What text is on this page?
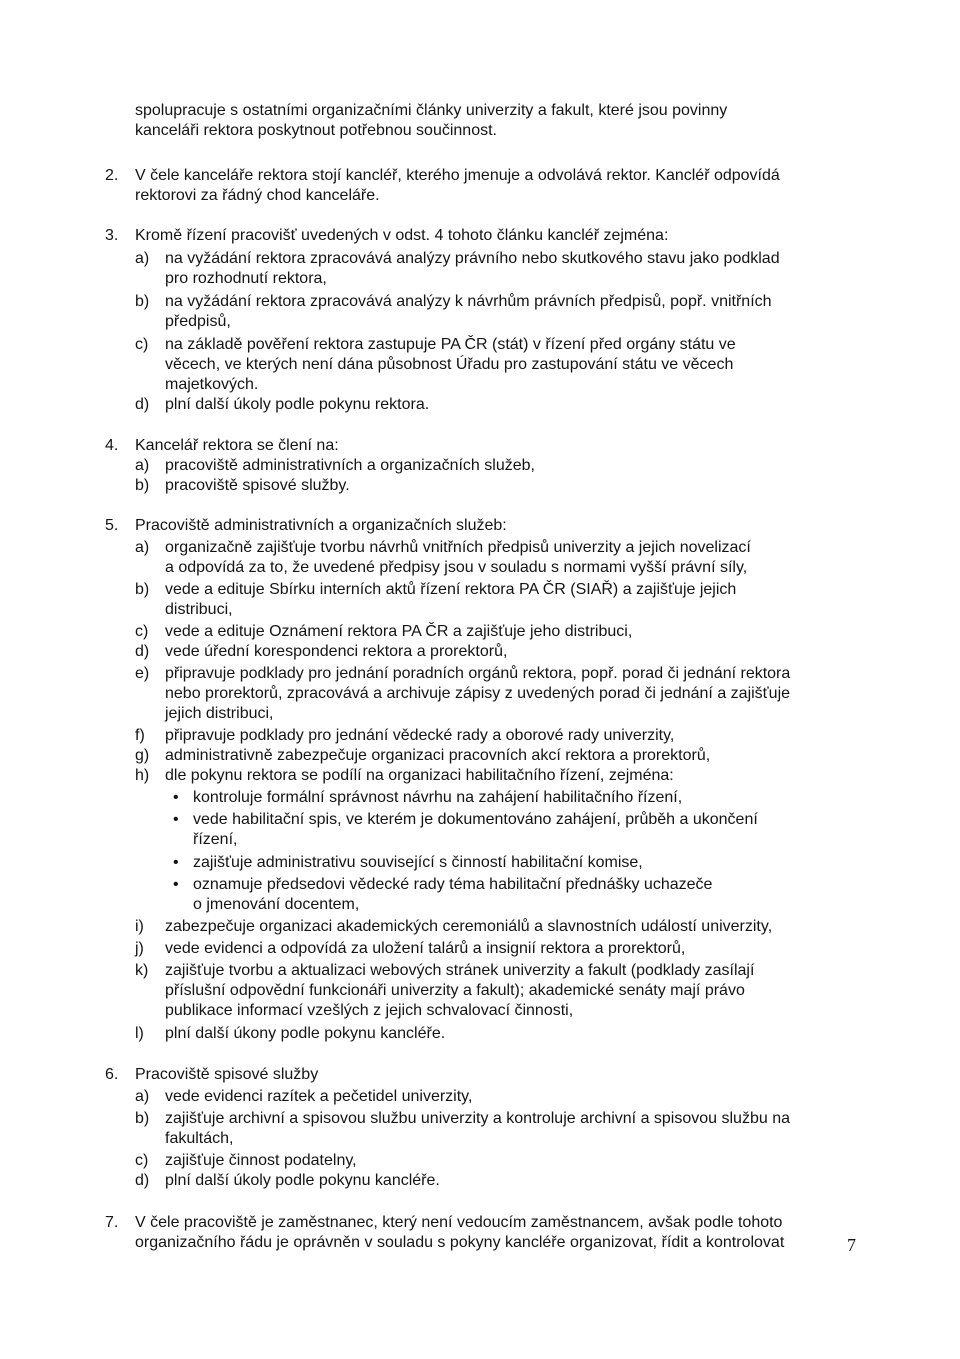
spolupracuje s ostatními organizačními články univerzity a fakult, které jsou povinny
kanceláři rektora poskytnout potřebnou součinnost.
2. V čele kanceláře rektora stojí kancléř, kterého jmenuje a odvolává rektor. Kancléř odpovídá
rektorovi za řádný chod kanceláře.
3. Kromě řízení pracovišť uvedených v odst. 4 tohoto článku kancléř zejména:
a) na vyžádání rektora zpracovává analýzy právního nebo skutkového stavu jako podklad
pro rozhodnutí rektora,
b) na vyžádání rektora zpracovává analýzy k návrhům právních předpisů, popř. vnitřních
předpisů,
c) na základě pověření rektora zastupuje PA ČR (stát) v řízení před orgány státu ve
věcech, ve kterých není dána působnost Úřadu pro zastupování státu ve věcech
majetkových.
d) plní další úkoly podle pokynu rektora.
4. Kancelář rektora se člení na:
a) pracoviště administrativních a organizačních služeb,
b) pracoviště spisové služby.
5. Pracoviště administrativních a organizačních služeb:
a) organizačně zajišťuje tvorbu návrhů vnitřních předpisů univerzity a jejich novelizací
a odpovídá za to, že uvedené předpisy jsou v souladu s normami vyšší právní síly,
b) vede a edituje Sbírku interních aktů řízení rektora PA ČR (SIAŘ) a zajišťuje jejich
distribuci,
c) vede a edituje Oznámení rektora PA ČR a zajišťuje jeho distribuci,
d) vede úřední korespondenci rektora a prorektorů,
e) připravuje podklady pro jednání poradních orgánů rektora, popř. porad či jednání rektora
nebo prorektorů, zpracovává a archivuje zápisy z uvedených porad či jednání a zajišťuje
jejich distribuci,
f) připravuje podklady pro jednání vědecké rady a oborové rady univerzity,
g) administrativně zabezpečuje organizaci pracovních akcí rektora a prorektorů,
h) dle pokynu rektora se podílí na organizaci habilitačního řízení, zejména:
• kontroluje formální správnost návrhu na zahájení habilitačního řízení,
• vede habilitační spis, ve kterém je dokumentováno zahájení, průběh a ukončení
řízení,
• zajišťuje administrativu související s činností habilitační komise,
• oznamuje předsedovi vědecké rady téma habilitační přednášky uchazeče
o jmenování docentem,
i) zabezpečuje organizaci akademických ceremoniálů a slavnostních událostí univerzity,
j) vede evidenci a odpovídá za uložení talárů a insignií rektora a prorektorů,
k) zajišťuje tvorbu a aktualizaci webových stránek univerzity a fakult (podklady zasílají
příslušní odpovědní funkcionáři univerzity a fakult); akademické senáty mají právo
publikace informací vzešlých z jejich schvalovací činnosti,
l) plní další úkony podle pokynu kancléře.
6. Pracoviště spisové služby
a) vede evidenci razítek a pečetidel univerzity,
b) zajišťuje archivní a spisovou službu univerzity a kontroluje archivní a spisovou službu na
fakultách,
c) zajišťuje činnost podatelny,
d) plní další úkoly podle pokynu kancléře.
7. V čele pracoviště je zaměstnanec, který není vedoucím zaměstnancem, avšak podle tohoto
organizačního řádu je oprávněn v souladu s pokyny kancléře organizovat, řídit a kontrolovat	7
